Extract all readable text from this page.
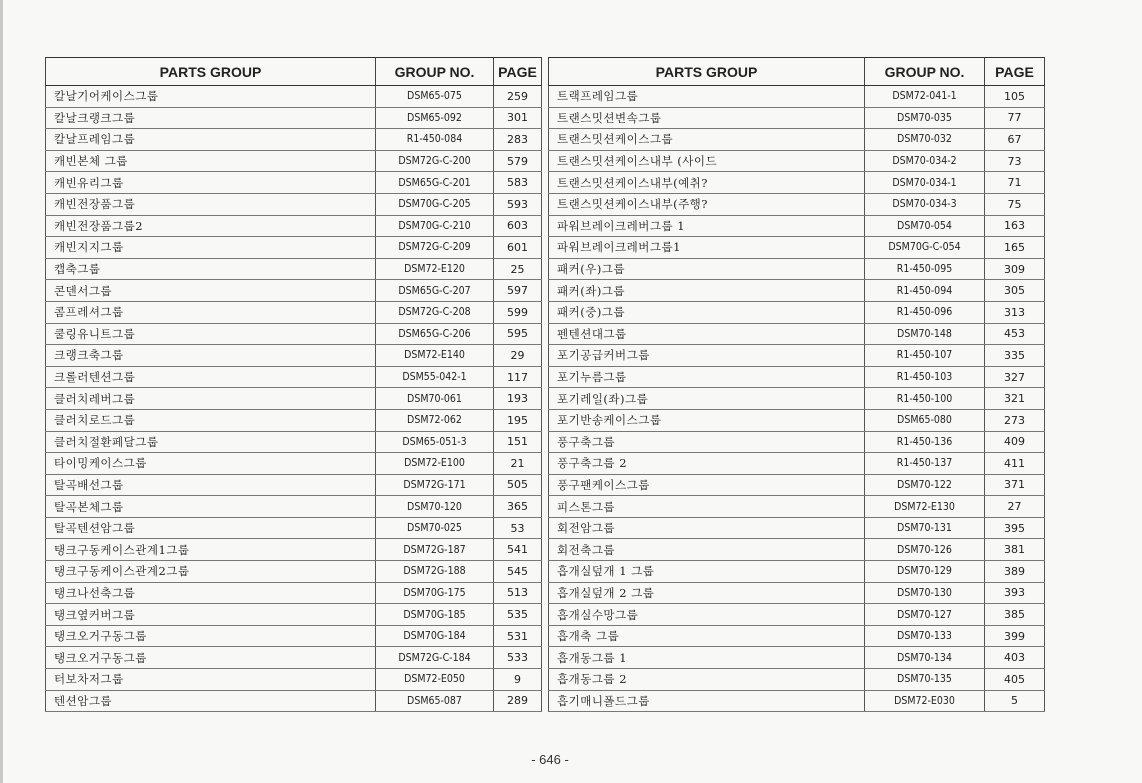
PARTS GROUP	GROUP NO.	PAGE
칼날기어케이스그룹	DSM65-075	259
칼날크랭크그룹	DSM65-092	301
칼날프레임그룹	R1-450-084	283
캐빈본체 그룹	DSM72G-C-200	579
캐빈유리그룹	DSM65G-C-201	583
캐빈전장품그룹	DSM70G-C-205	593
캐빈전장품그룹2	DSM70G-C-210	603
캐빈지지그룹	DSM72G-C-209	601
캡축그룹	DSM72-E120	25
콘덴서그룹	DSM65G-C-207	597
콤프레셔그룹	DSM72G-C-208	599
쿨링유니트그룹	DSM65G-C-206	595
크랭크축그룹	DSM72-E140	29
크롤러텐션그룹	DSM55-042-1	117
클러치레버그룹	DSM70-061	193
클러치로드그룹	DSM72-062	195
클러치절환페달그룹	DSM65-051-3	151
타이밍케이스그룹	DSM72-E100	21
탈곡배선그룹	DSM72G-171	505
탈곡본체그룹	DSM70-120	365
탈곡텐션암그룹	DSM70-025	53
탱크구동케이스관계1그룹	DSM72G-187	541
탱크구동케이스관계2그룹	DSM72G-188	545
탱크나선축그룹	DSM70G-175	513
탱크옆커버그룹	DSM70G-185	535
탱크오거구동그룹	DSM70G-184	531
탱크오거구동그룹	DSM72G-C-184	533
터보차저그룹	DSM72-E050	9
텐션암그룹	DSM65-087	289
PARTS GROUP	GROUP NO.	PAGE
트랙프레임그룹	DSM72-041-1	105
트랜스밋션변속그룹	DSM70-035	77
트랜스밋션케이스그룹	DSM70-032	67
트랜스밋션케이스내부 (사이드	DSM70-034-2	73
트랜스밋션케이스내부(예취?	DSM70-034-1	71
트랜스밋션케이스내부(주행?	DSM70-034-3	75
파워브레이크레버그룹 1	DSM70-054	163
파워브레이크레버그룹1	DSM70G-C-054	165
패커(우)그룹	R1-450-095	309
패커(좌)그룹	R1-450-094	305
패커(중)그룹	R1-450-096	313
펜텐션대그룹	DSM70-148	453
포기공급커버그룹	R1-450-107	335
포기누름그룹	R1-450-103	327
포기레일(좌)그룹	R1-450-100	321
포기반송케이스그룹	DSM65-080	273
풍구축그룹	R1-450-136	409
풍구축그룹 2	R1-450-137	411
풍구팬케이스그룹	DSM70-122	371
피스톤그룹	DSM72-E130	27
회전암그룹	DSM70-131	395
회전축그룹	DSM70-126	381
흡개실덮개 1 그룹	DSM70-129	389
흡개실덮개 2 그룹	DSM70-130	393
흡개실수망그룹	DSM70-127	385
흡개축 그룹	DSM70-133	399
흡개동그룹 1	DSM70-134	403
흡개동그룹 2	DSM70-135	405
흡기매니폴드그룹	DSM72-E030	5
- 646 -
